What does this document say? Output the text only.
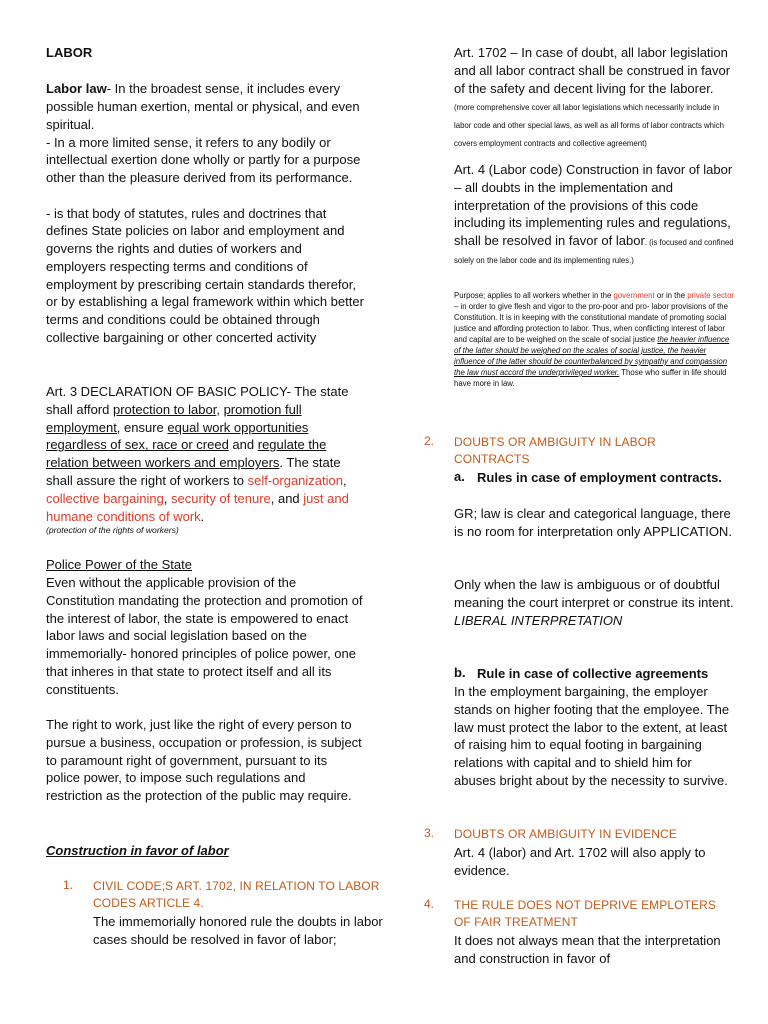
LABOR

Labor law- In the broadest sense, it includes every possible human exertion, mental or physical, and even spiritual.

- In a more limited sense, it refers to any bodily or intellectual exertion done wholly or partly for a purpose other than the pleasure derived from its performance.

- is that body of statutes, rules and doctrines that defines State policies on labor and employment and governs the rights and duties of workers and employers respecting terms and conditions of employment by prescribing certain standards therefor, or by establishing a legal framework within which better terms and conditions could be obtained through collective bargaining or other concerted activity

Art. 3 DECLARATION OF BASIC POLICY- The state shall afford protection to labor, promotion full employment, ensure equal work opportunities regardless of sex, race or creed and regulate the relation between workers and employers. The state shall assure the right of workers to self-organization, collective bargaining, security of tenure, and just and humane conditions of work.

(protection of the rights of workers)

Police Power of the State

Even without the applicable provision of the Constitution mandating the protection and promotion of the interest of labor, the state is empowered to enact labor laws and social legislation based on the immemorially- honored principles of police power, one that inheres in that state to protect itself and all its constituents.

The right to work, just like the right of every person to pursue a business, occupation or profession, is subject to paramount right of government, pursuant to its police power, to impose such regulations and restriction as the protection of the public may require.

Construction in favor of labor

1. CIVIL CODE;S ART. 1702, IN RELATION TO LABOR CODES ARTICLE 4.

The immemorially honored rule the doubts in labor cases should be resolved in favor of labor;

Art. 1702 – In case of doubt, all labor legislation and all labor contract shall be construed in favor of the safety and decent living for the laborer. (more comprehensive cover all labor legislations which necessarily include in labor code and other special laws, as well as all forms of labor contracts which covers employment contracts and collective agreement)

Art. 4 (Labor code) Construction in favor of labor – all doubts in the implementation and interpretation of the provisions of this code including its implementing rules and regulations, shall be resolved in favor of labor. (is focused and confined solely on the labor code and its implementing rules.)

Purpose; applies to all workers whether in the government or in the private sector – in order to give flesh and vigor to the pro-poor and pro- labor provisions of the Constitution. It is in keeping with the constitutional mandate of promoting social justice and affording protection to labor. Thus, when conflicting interest of labor and capital are to be weighed on the scale of social justice the heavier influence of the latter should be weighed on the scales of social justice, the heavier influence of the latter should be counterbalanced by sympathy and compassion the law must accord the underprivileged worker. Those who suffer in life should have more in law.

2. DOUBTS OR AMBIGUITY IN LABOR CONTRACTS

a. Rules in case of employment contracts.

GR; law is clear and categorical language, there is no room for interpretation only APPLICATION.

Only when the law is ambiguous or of doubtful meaning the court interpret or construe its intent. LIBERAL INTERPRETATION

b. Rule in case of collective agreements

In the employment bargaining, the employer stands on higher footing that the employee. The law must protect the labor to the extent, at least of raising him to equal footing in bargaining relations with capital and to shield him for abuses bright about by the necessity to survive.

3. DOUBTS OR AMBIGUITY IN EVIDENCE

Art. 4 (labor) and Art. 1702 will also apply to evidence.

4. THE RULE DOES NOT DEPRIVE EMPLOTERS OF FAIR TREATMENT

It does not always mean that the interpretation and construction in favor of
